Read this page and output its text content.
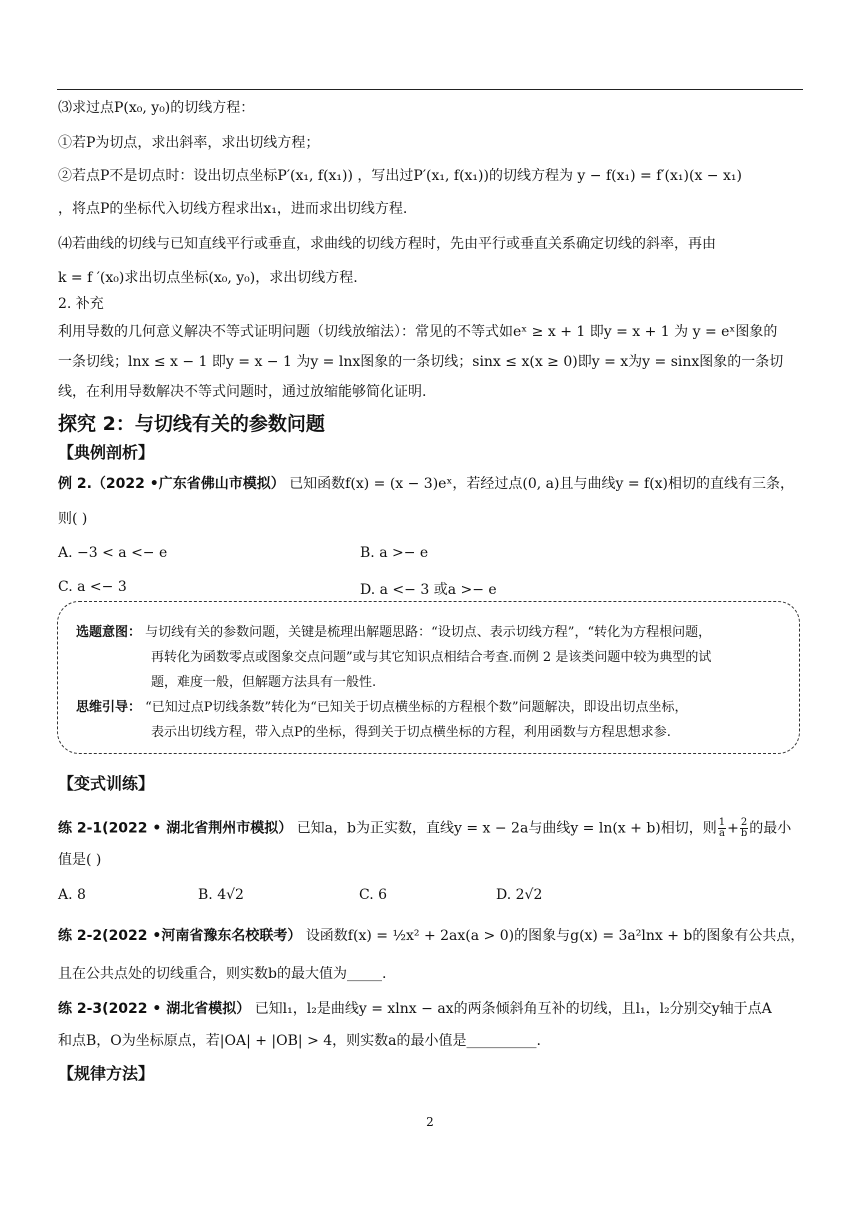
⑶求过点P(x₀, y₀)的切线方程：
①若P为切点，求出斜率，求出切线方程；
②若点P不是切点时：设出切点坐标P′(x₁, f(x₁)) ，写出过P′(x₁, f(x₁))的切线方程为 y − f(x₁) = f′(x₁)(x − x₁)
，将点P的坐标代入切线方程求出x₁，进而求出切线方程.
⑷若曲线的切线与已知直线平行或垂直，求曲线的切线方程时，先由平行或垂直关系确定切线的斜率，再由
k = f ′(x₀)求出切点坐标(x₀, y₀)，求出切线方程.
2. 补充
利用导数的几何意义解决不等式证明问题（切线放缩法）：常见的不等式如eˣ ≥ x + 1 即y = x + 1 为 y = eˣ图象的
一条切线；lnx ≤ x − 1 即y = x − 1 为y = lnx图象的一条切线；sinx ≤ x(x ≥ 0)即y = x为y = sinx图象的一条切
线，在利用导数解决不等式问题时，通过放缩能够简化证明.
探究 2：与切线有关的参数问题
【典例剖析】
例 2.（2022 •广东省佛山市模拟） 已知函数f(x) = (x − 3)eˣ，若经过点(0, a)且与曲线y = f(x)相切的直线有三条，
则( )
A. −3 < a <− e	B. a >− e
C. a <− 3	D. a <− 3 或a >− e
选题意图： 与切线有关的参数问题，关键是梳理出解题思路：“设切点、表示切线方程”，“转化为方程根问题，
再转化为函数零点或图象交点问题”或与其它知识点相结合考查.而例 2 是该类问题中较为典型的试
题，难度一般，但解题方法具有一般性.
思维引导： “已知过点P切线条数”转化为“已知关于切点横坐标的方程根个数”问题解决，即设出切点坐标，
表示出切线方程，带入点P的坐标，得到关于切点横坐标的方程，利用函数与方程思想求参.
【变式训练】
练 2-1(2022 • 湖北省荆州市模拟） 已知a，b为正实数，直线y = x − 2a与曲线y = ln(x + b)相切，则 $\frac{1}{a} + \frac{2}{b}$ 的最小
值是( )
A. 8	B. 4√2	C. 6	D. 2√2
练 2-2(2022 •河南省豫东名校联考） 设函数f(x) = ½x² + 2ax(a > 0)的图象与g(x) = 3a²lnx + b的图象有公共点，
且在公共点处的切线重合，则实数b的最大值为_____.
练 2-3(2022 • 湖北省模拟） 已知l₁，l₂是曲线y = xlnx − ax的两条倾斜角互补的切线，且l₁，l₂分别交y轴于点A
和点B，O为坐标原点，若|OA| + |OB| > 4，则实数a的最小值是__________.
【规律方法】
2
